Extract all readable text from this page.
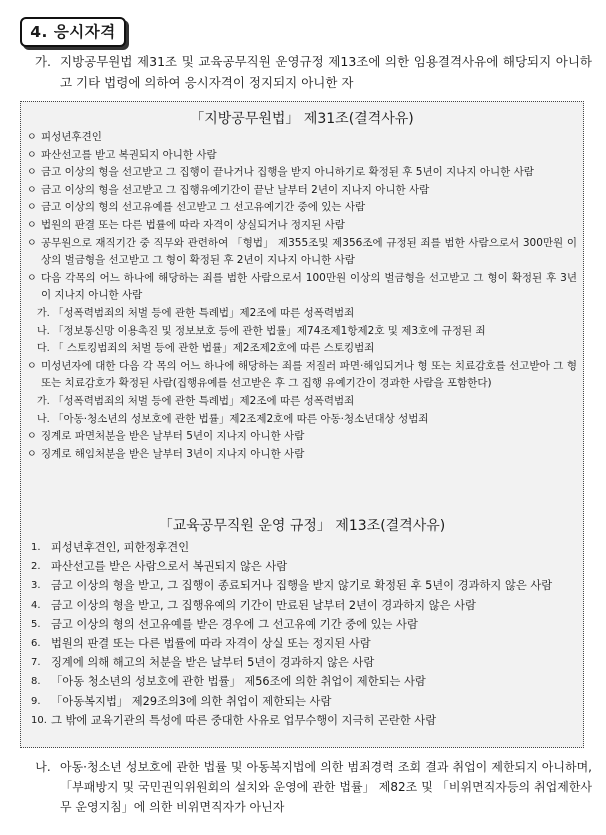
4. 응시자격
가. 지방공무원법 제31조 및 교육공무직원 운영규정 제13조에 의한 임용결격사유에 해당되지 아니하고 기타 법령에 의하여 응시자격이 정지되지 아니한 자
「지방공무원법」 제31조(결격사유)
ㅇ 피성년후견인
ㅇ 파산선고를 받고 복권되지 아니한 사람
ㅇ 금고 이상의 형을 선고받고 그 집행이 끝나거나 집행을 받지 아니하기로 확정된 후 5년이 지나지 아니한 사람
ㅇ 금고 이상의 형을 선고받고 그 집행유예기간이 끝난 날부터 2년이 지나지 아니한 사람
ㅇ 금고 이상의 형의 선고유예를 선고받고 그 선고유예기간 중에 있는 사람
ㅇ 법원의 판결 또는 다른 법률에 따라 자격이 상실되거나 정지된 사람
ㅇ 공무원으로 재직기간 중 직무와 관련하여 「형법」 제355조및 제356조에 규정된 죄를 범한 사람으로서 300만원 이상의 벌금형을 선고받고 그 형이 확정된 후 2년이 지나지 아니한 사람
ㅇ 다음 각목의 어느 하나에 해당하는 죄를 범한 사람으로서 100만원 이상의 벌금형을 선고받고 그 형이 확정된 후 3년이 지나지 아니한 사람
가. 「성폭력범죄의 처벌 등에 관한 특례법」제2조에 따른 성폭력범죄
나. 「정보통신망 이용촉진 및 정보보호 등에 관한 법률」제74조제1항제2호 및 제3호에 규정된 죄
다. 「 스토킹범죄의 처벌 등에 관한 법률」제2조제2호에 따른 스토킹범죄
ㅇ 미성년자에 대한 다음 각 목의 어느 하나에 해당하는 죄를 저질러 파면·해임되거나 형 또는 치료감호를 선고받아 그 형 또는 치료감호가 확정된 사람(집행유예를 선고받은 후 그 집행 유예기간이 경과한 사람을 포함한다)
가. 「성폭력범죄의 처벌 등에 관한 특례법」제2조에 따른 성폭력범죄
나. 「아동·청소년의 성보호에 관한 법률」제2조제2호에 따른 아동·청소년대상 성범죄
ㅇ 징계로 파면처분을 받은 날부터 5년이 지나지 아니한 사람
ㅇ 징계로 해임처분을 받은 날부터 3년이 지나지 아니한 사람
「교육공무직원 운영 규정」 제13조(결격사유)
1. 피성년후견인, 피한정후견인
2. 파산선고를 받은 사람으로서 복권되지 않은 사람
3. 금고 이상의 형을 받고, 그 집행이 종료되거나 집행을 받지 않기로 확정된 후 5년이 경과하지 않은 사람
4. 금고 이상의 형을 받고, 그 집행유예의 기간이 만료된 날부터 2년이 경과하지 않은 사람
5. 금고 이상의 형의 선고유예를 받은 경우에 그 선고유예 기간 중에 있는 사람
6. 법원의 판결 또는 다른 법률에 따라 자격이 상실 또는 정지된 사람
7. 징계에 의해 해고의 처분을 받은 날부터 5년이 경과하지 않은 사람
8. 「아동 청소년의 성보호에 관한 법률」 제56조에 의한 취업이 제한되는 사람
9. 「아동복지법」 제29조의3에 의한 취업이 제한되는 사람
10. 그 밖에 교육기관의 특성에 따른 중대한 사유로 업무수행이 지극히 곤란한 사람
나. 아동·청소년 성보호에 관한 법률 및 아동복지법에 의한 범죄경력 조회 결과 취업이 제한되지 아니하며, 「부패방지 및 국민권익위원회의 설치와 운영에 관한 법률」 제82조 및 「비위면직자등의 취업제한사무 운영지침」에 의한 비위면직자가 아닌자
